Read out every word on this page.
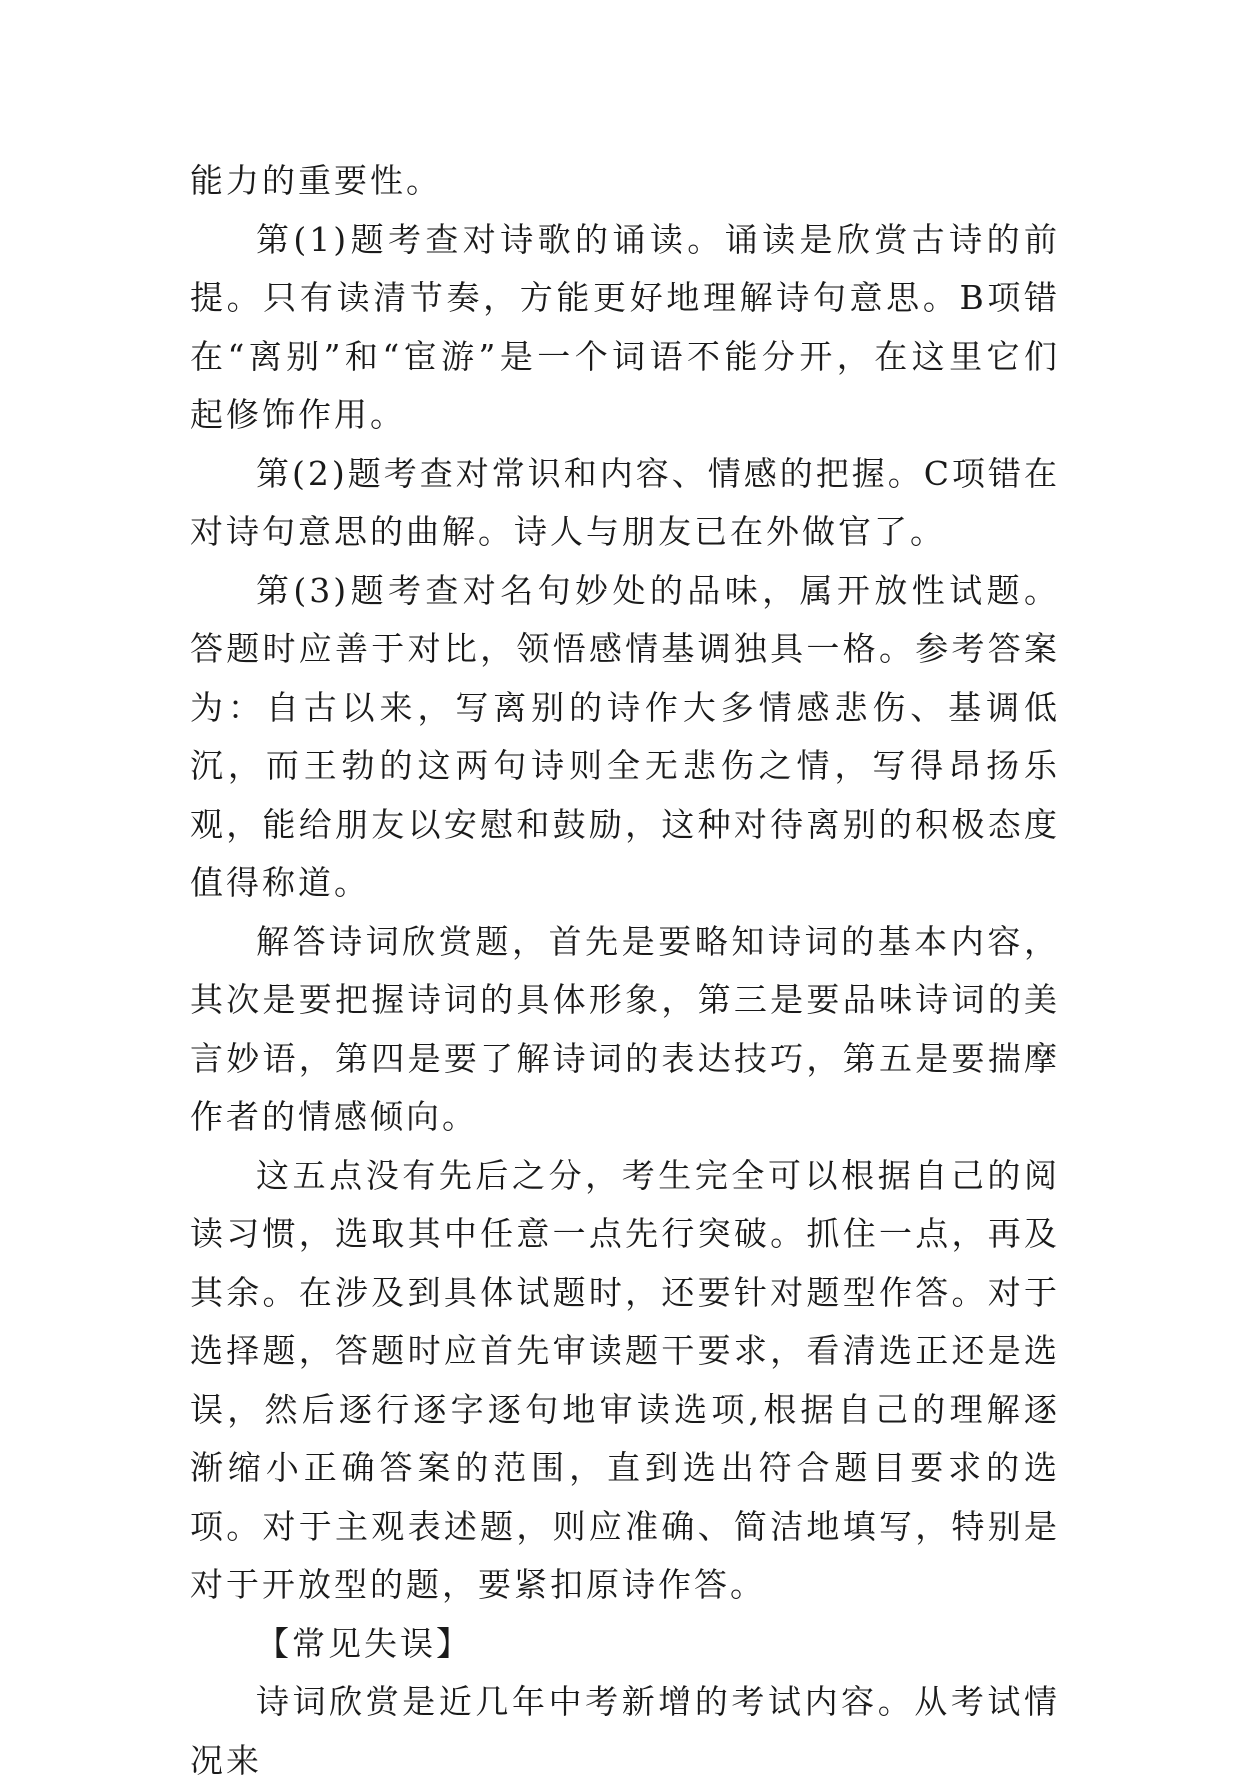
能力的重要性。

第(1)题考查对诗歌的诵读。诵读是欣赏古诗的前提。只有读清节奏，方能更好地理解诗句意思。B项错在“离别”和“宦游”是一个词语不能分开，在这里它们起修饰作用。

第(2)题考查对常识和内容、情感的把握。C项错在对诗句意思的曲解。诗人与朋友已在外做官了。

第(3)题考查对名句妙处的品味，属开放性试题。答题时应善于对比，领悟感情基调独具一格。参考答案为：自古以来，写离别的诗作大多情感悲伤、基调低沉，而王勃的这两句诗则全无悲伤之情，写得昂扬乐观，能给朋友以安慰和鼓励，这种对待离别的积极态度值得称道。

解答诗词欣赏题，首先是要略知诗词的基本内容，其次是要把握诗词的具体形象，第三是要品味诗词的美言妙语，第四是要了解诗词的表达技巧，第五是要揣摩作者的情感倾向。

这五点没有先后之分，考生完全可以根据自己的阅读习惯，选取其中任意一点先行突破。抓住一点，再及其余。在涉及到具体试题时，还要针对题型作答。对于选择题，答题时应首先审读题干要求，看清选正还是选误，然后逐行逐字逐句地审读选项,根据自己的理解逐渐缩小正确答案的范围，直到选出符合题目要求的选项。对于主观表述题，则应准确、简洁地填写，特别是对于开放型的题，要紧扣原诗作答。

【常见失误】

诗词欣赏是近几年中考新增的考试内容。从考试情况来
